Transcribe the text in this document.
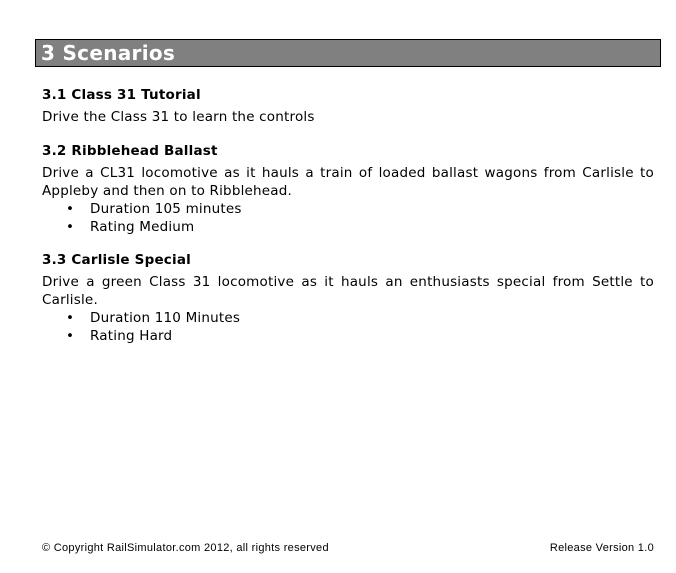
3 Scenarios

3.1 Class 31 Tutorial

Drive the Class 31 to learn the controls

3.2 Ribblehead Ballast

Drive a CL31 locomotive as it hauls a train of loaded ballast wagons from Carlisle to Appleby and then on to Ribblehead.

• Duration 105 minutes
• Rating Medium

3.3 Carlisle Special

Drive a green Class 31 locomotive as it hauls an enthusiasts special from Settle to Carlisle.

• Duration 110 Minutes
• Rating Hard
© Copyright RailSimulator.com 2012, all rights reserved	Release Version 1.0
